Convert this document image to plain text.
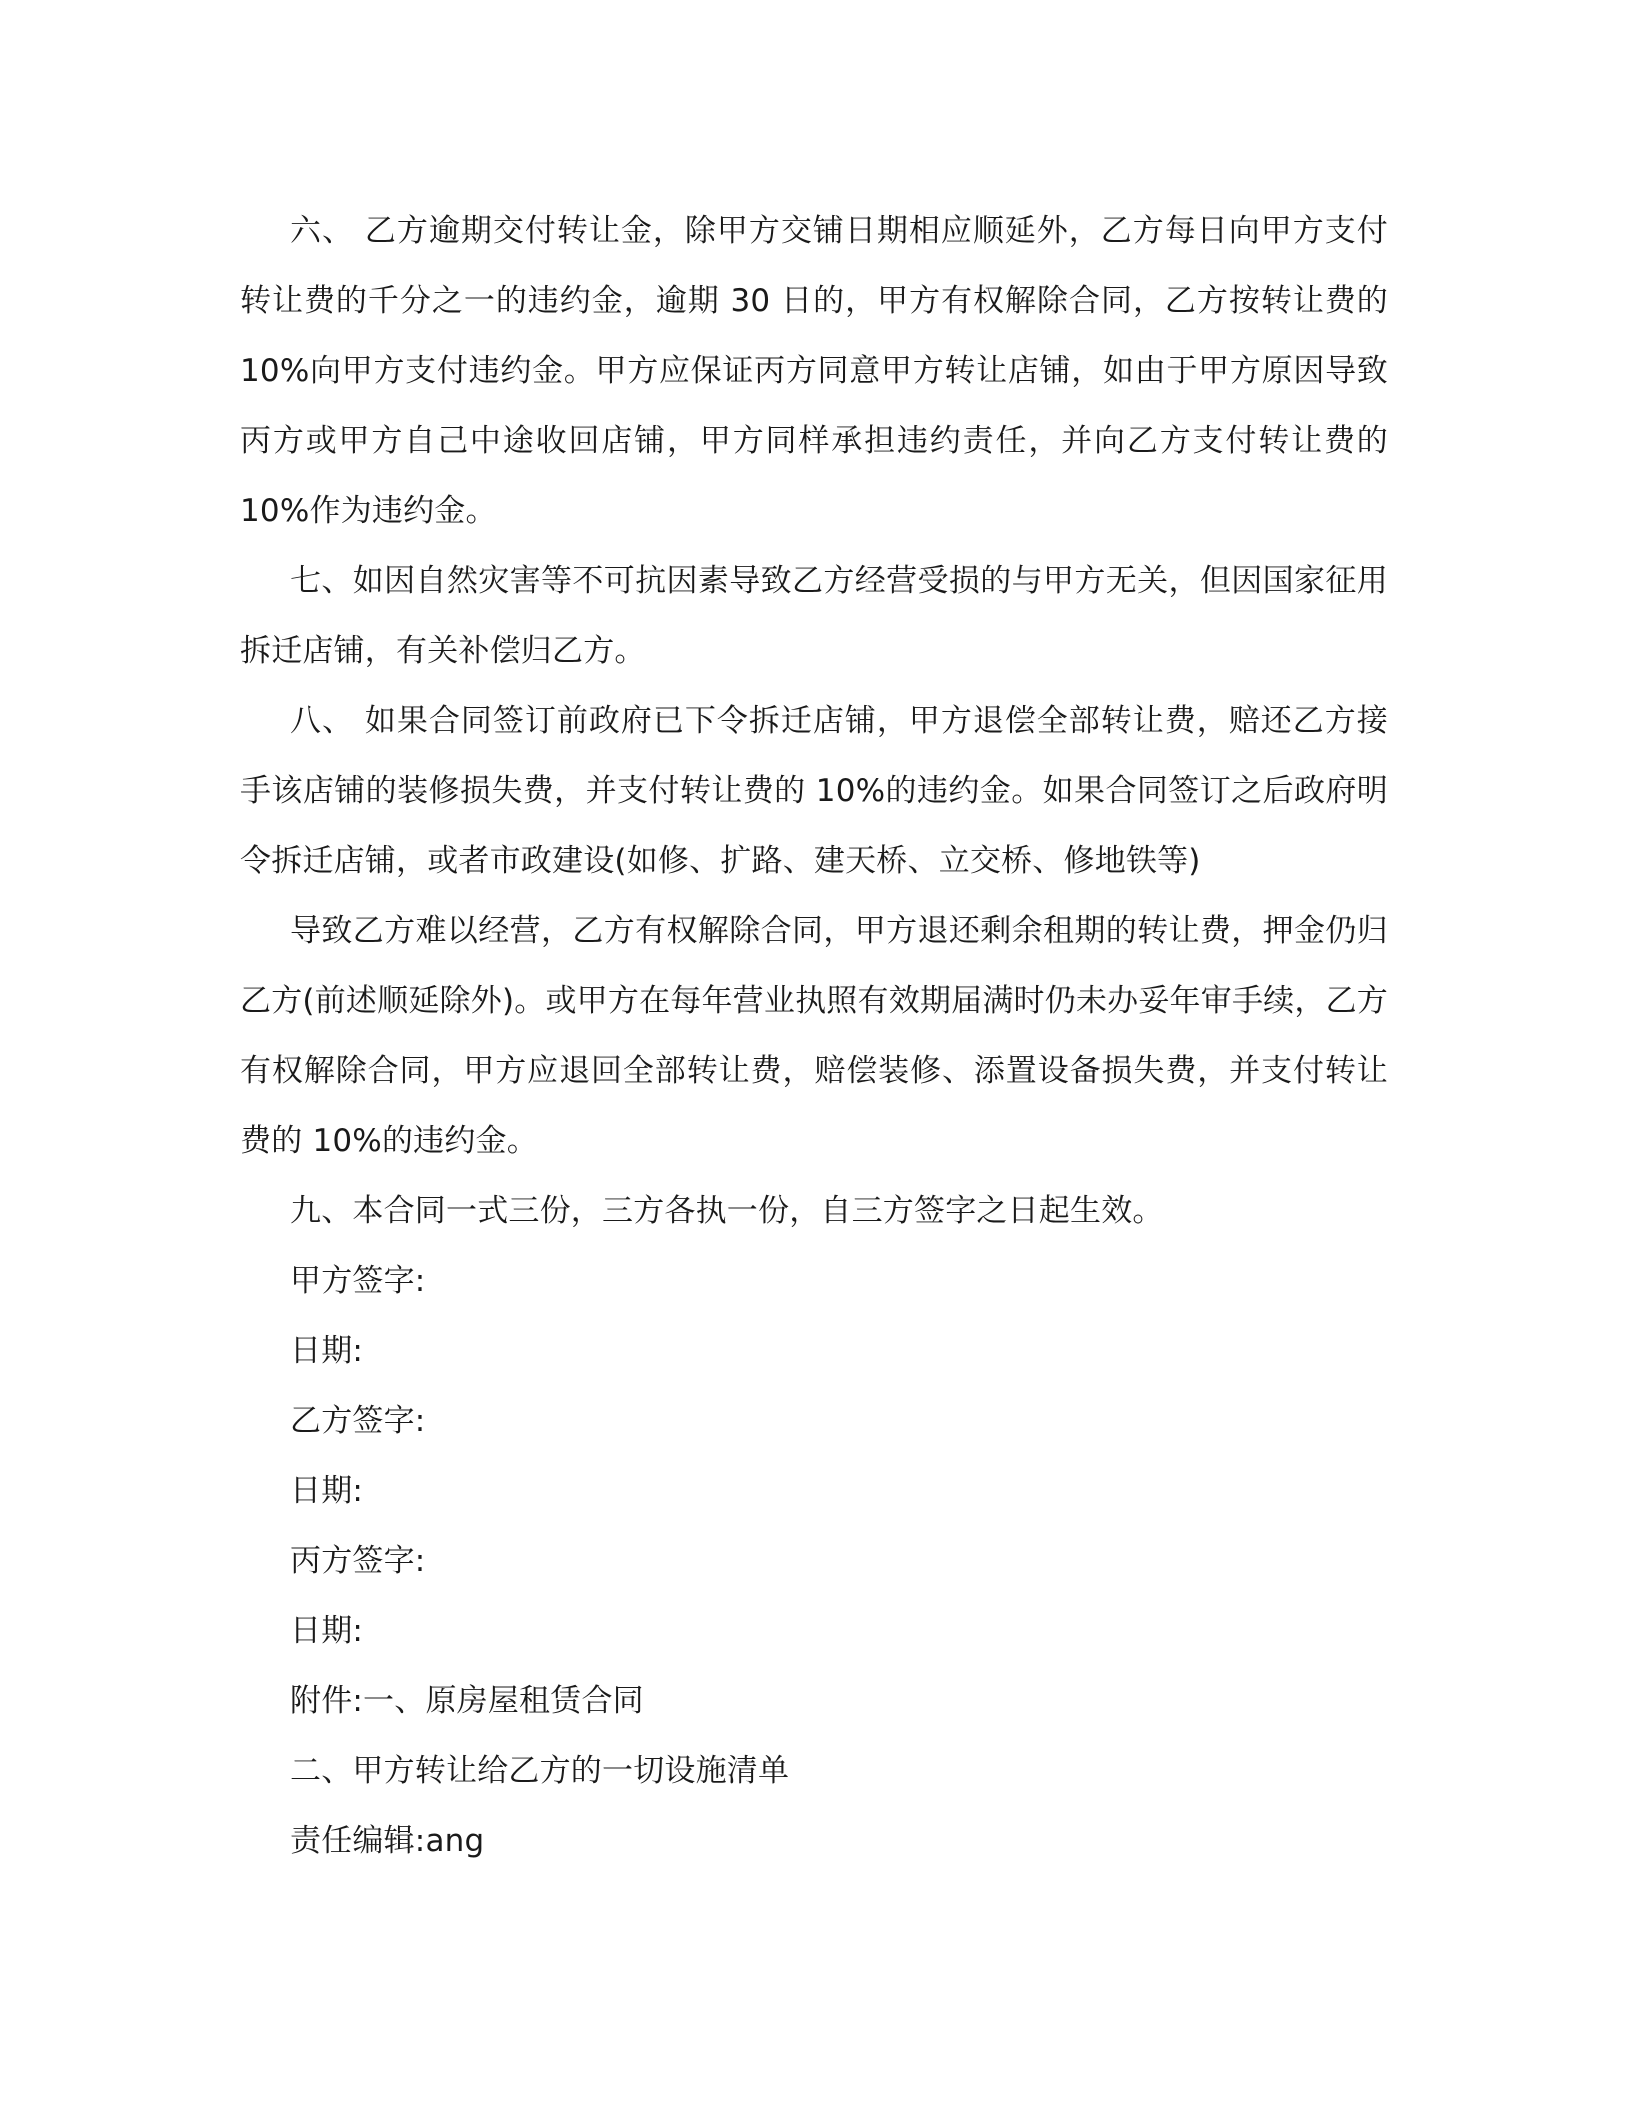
六、 乙方逾期交付转让金，除甲方交铺日期相应顺延外，乙方每日向甲方支付转让费的千分之一的违约金，逾期 30 日的，甲方有权解除合同，乙方按转让费的 10%向甲方支付违约金。甲方应保证丙方同意甲方转让店铺，如由于甲方原因导致丙方或甲方自己中途收回店铺，甲方同样承担违约责任，并向乙方支付转让费的 10%作为违约金。

七、如因自然灾害等不可抗因素导致乙方经营受损的与甲方无关，但因国家征用拆迁店铺，有关补偿归乙方。

八、 如果合同签订前政府已下令拆迁店铺，甲方退偿全部转让费，赔还乙方接手该店铺的装修损失费，并支付转让费的 10%的违约金。如果合同签订之后政府明令拆迁店铺，或者市政建设(如修、扩路、建天桥、立交桥、修地铁等)

导致乙方难以经营，乙方有权解除合同，甲方退还剩余租期的转让费，押金仍归乙方(前述顺延除外)。或甲方在每年营业执照有效期届满时仍未办妥年审手续，乙方有权解除合同，甲方应退回全部转让费，赔偿装修、添置设备损失费，并支付转让费的 10%的违约金。

九、本合同一式三份，三方各执一份，自三方签字之日起生效。

甲方签字:

日期:

乙方签字:

日期:

丙方签字:

日期:

附件:一、原房屋租赁合同

二、甲方转让给乙方的一切设施清单

责任编辑:ang
